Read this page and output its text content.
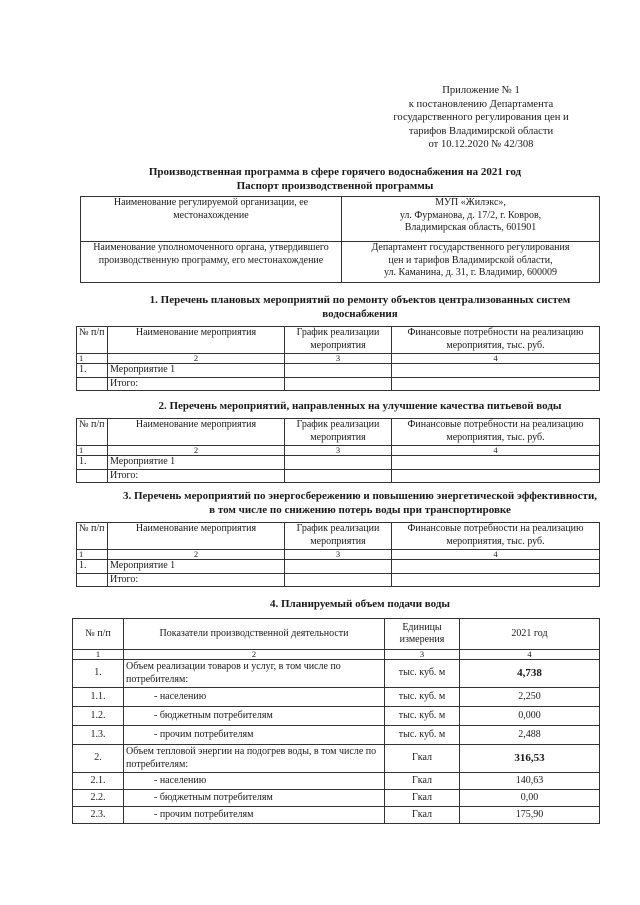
Приложение № 1
к постановлению Департамента
государственного регулирования цен и
тарифов Владимирской области
от 10.12.2020 № 42/308
Производственная программа в сфере горячего водоснабжения на 2021 год
Паспорт производственной программы
Наименование регулируемой организации, ее местонахождение	МУП «Жилэкс»,
ул. Фурманова, д. 17/2, г. Ковров,
Владимирская область, 601901

Наименование уполномоченного органа, утвердившего производственную программу, его местонахождение	Департамент государственного регулирования
цен и тарифов Владимирской области,
ул. Каманина, д. 31, г. Владимир, 600009
1. Перечень плановых мероприятий по ремонту объектов централизованных систем водоснабжения
№ п/п	Наименование мероприятия	График реализации мероприятия	Финансовые потребности на реализацию мероприятия, тыс. руб.
1	2	3	4
1.	Мероприятие 1		
	Итого:		
2. Перечень мероприятий, направленных на улучшение качества питьевой воды
№ п/п	Наименование мероприятия	График реализации мероприятия	Финансовые потребности на реализацию мероприятия, тыс. руб.
1	2	3	4
1.	Мероприятие 1		
	Итого:		
3. Перечень мероприятий по энергосбережению и повышению энергетической эффективности, в том числе по снижению потерь воды при транспортировке
№ п/п	Наименование мероприятия	График реализации мероприятия	Финансовые потребности на реализацию мероприятия, тыс. руб.
1	2	3	4
1.	Мероприятие 1		
	Итого:		
4. Планируемый объем подачи воды
№ п/п	Показатели производственной деятельности	Единицы измерения	2021 год
1	2	3	4
1.	Объем реализации товаров и услуг, в том числе по потребителям:	тыс. куб. м	4,738
1.1.	- населению	тыс. куб. м	2,250
1.2.	- бюджетным потребителям	тыс. куб. м	0,000
1.3.	- прочим потребителям	тыс. куб. м	2,488
2.	Объем тепловой энергии на подогрев воды, в том числе по потребителям:	Гкал	316,53
2.1.	- населению	Гкал	140,63
2.2.	- бюджетным потребителям	Гкал	0,00
2.3.	- прочим потребителям	Гкал	175,90
